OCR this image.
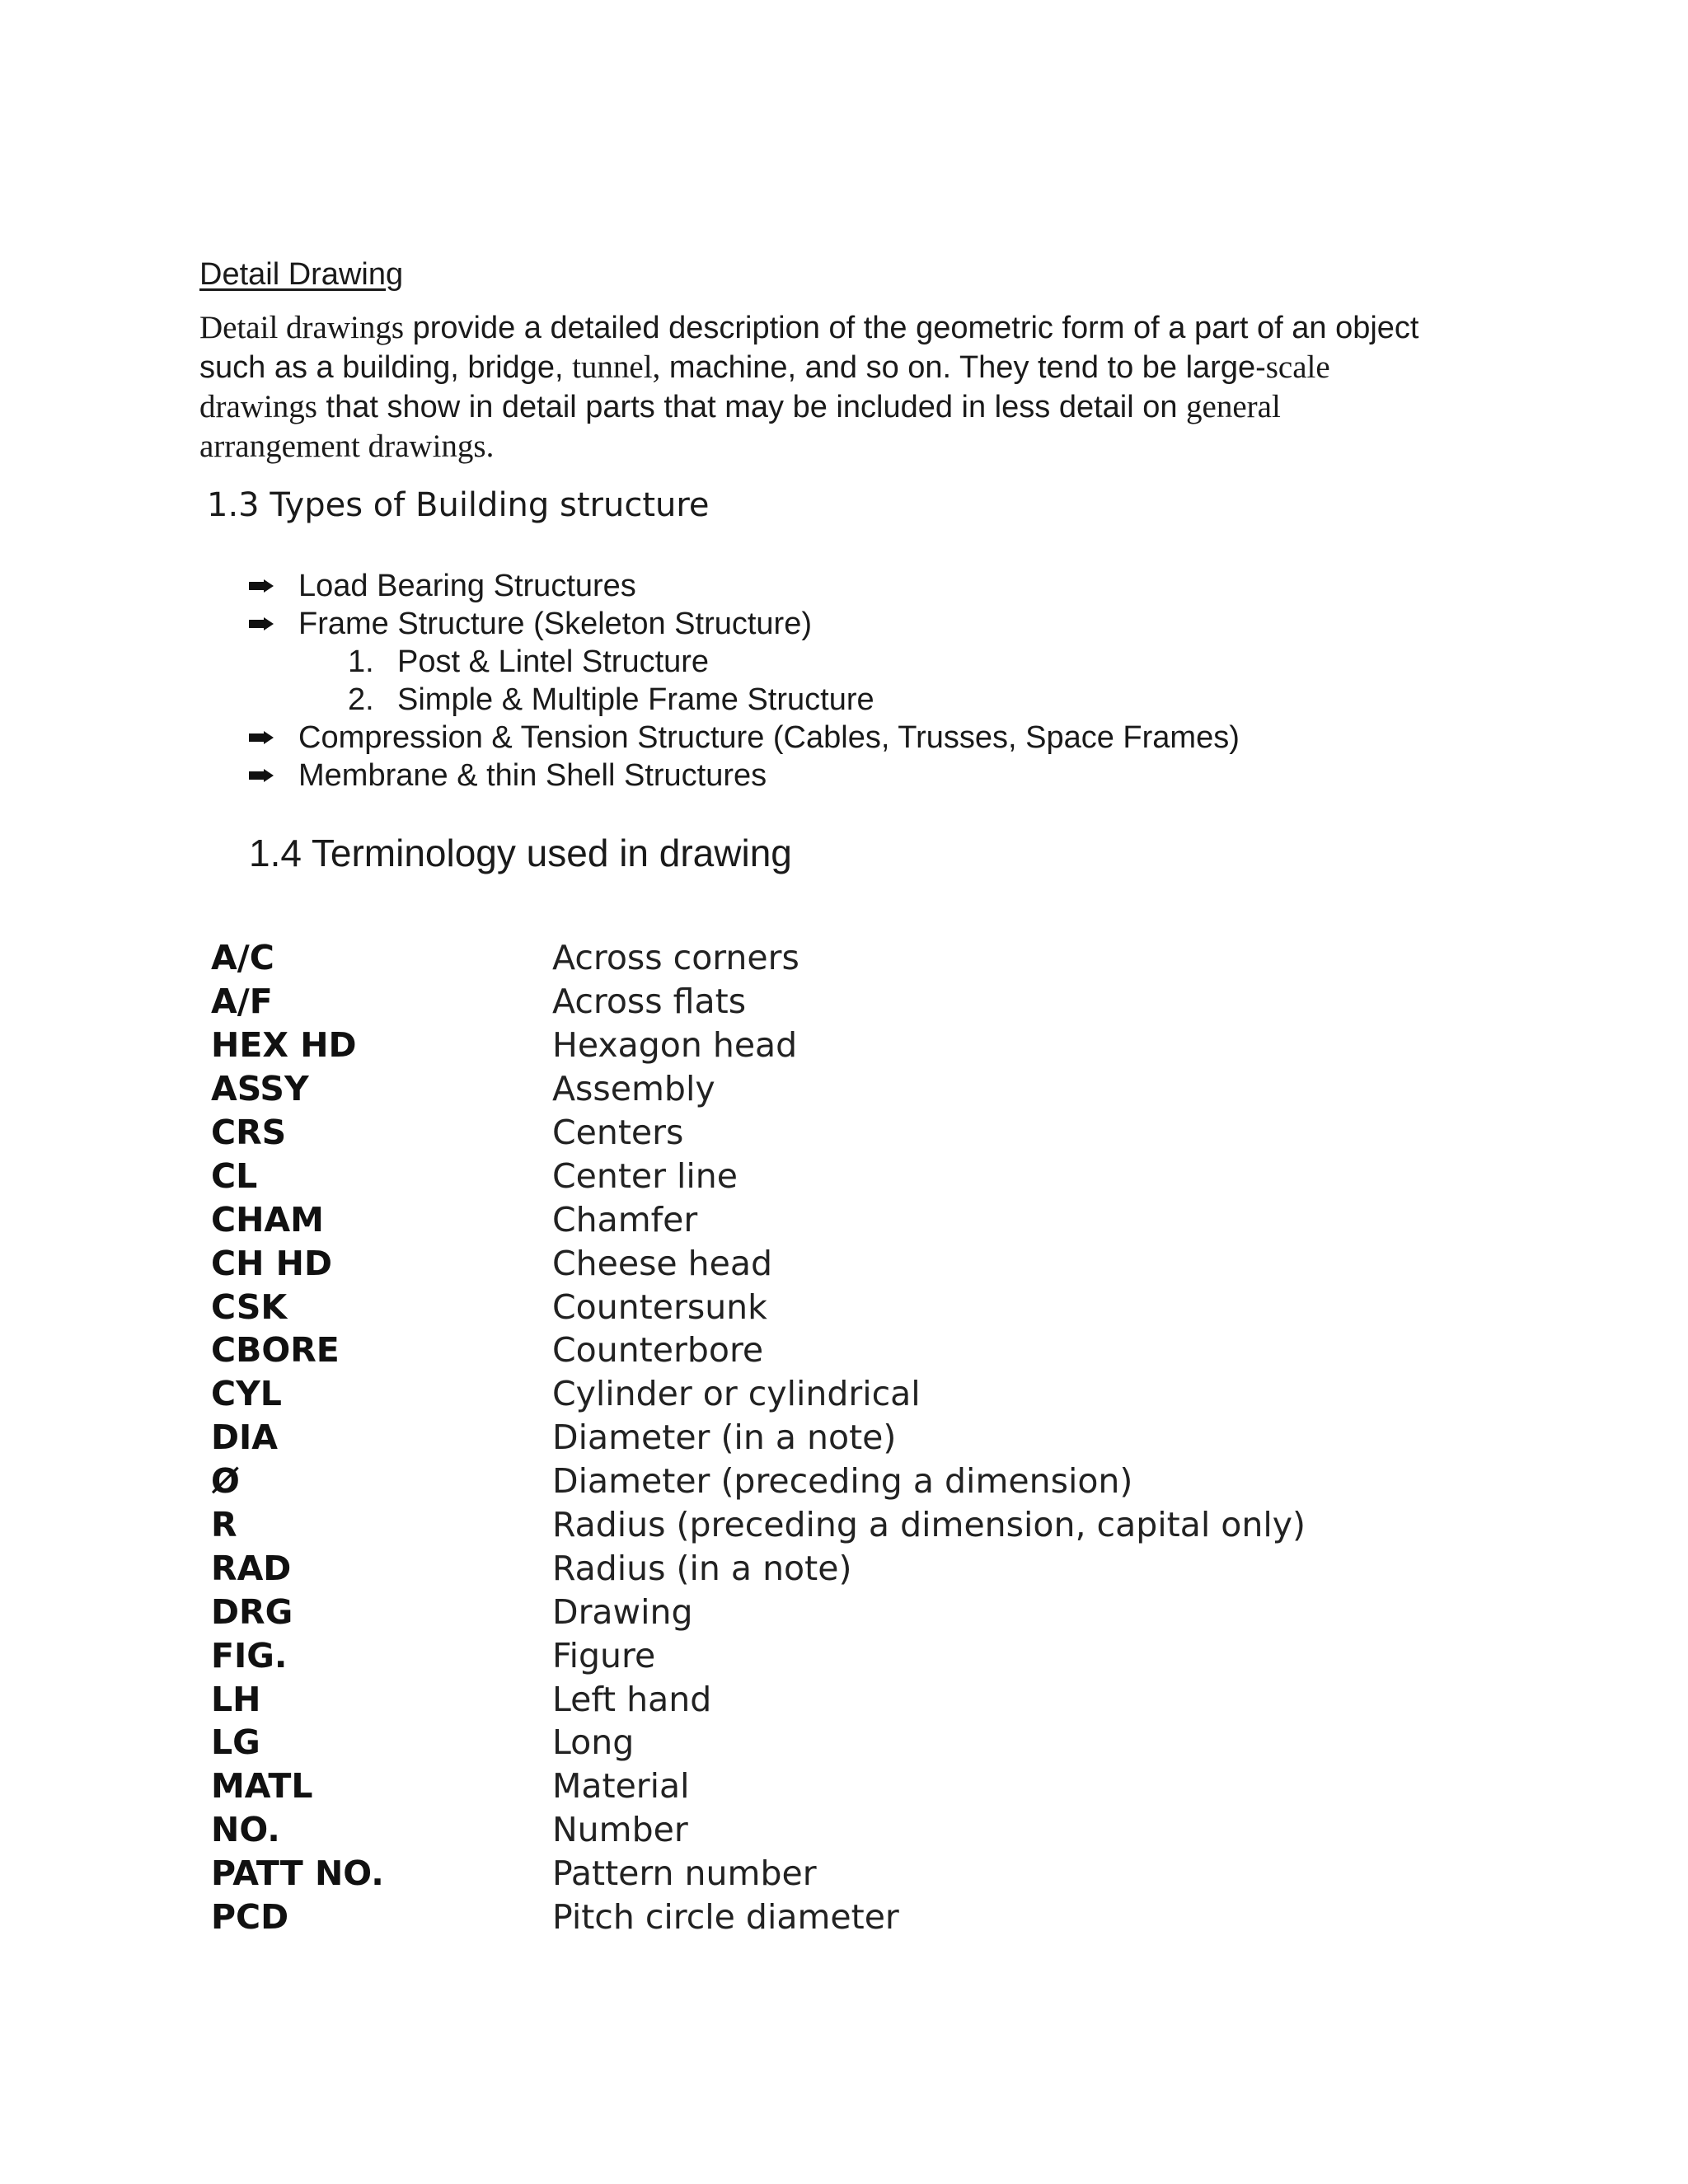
Detail Drawing
Detail drawings provide a detailed description of the geometric form of a part of an object
such as a building, bridge, tunnel, machine, and so on. They tend to be large-scale
drawings that show in detail parts that may be included in less detail on general
arrangement drawings.
1.3 Types of Building structure
Load Bearing Structures
Frame Structure (Skeleton Structure)
1. Post & Lintel Structure
2. Simple & Multiple Frame Structure
Compression & Tension Structure (Cables, Trusses, Space Frames)
Membrane & thin Shell Structures
1.4 Terminology used in drawing
A/C	Across corners
A/F	Across flats
HEX HD	Hexagon head
ASSY	Assembly
CRS	Centers
CL	Center line
CHAM	Chamfer
CH HD	Cheese head
CSK	Countersunk
CBORE	Counterbore
CYL	Cylinder or cylindrical
DIA	Diameter (in a note)
Ø	Diameter (preceding a dimension)
R	Radius (preceding a dimension, capital only)
RAD	Radius (in a note)
DRG	Drawing
FIG.	Figure
LH	Left hand
LG	Long
MATL	Material
NO.	Number
PATT NO.	Pattern number
PCD	Pitch circle diameter
